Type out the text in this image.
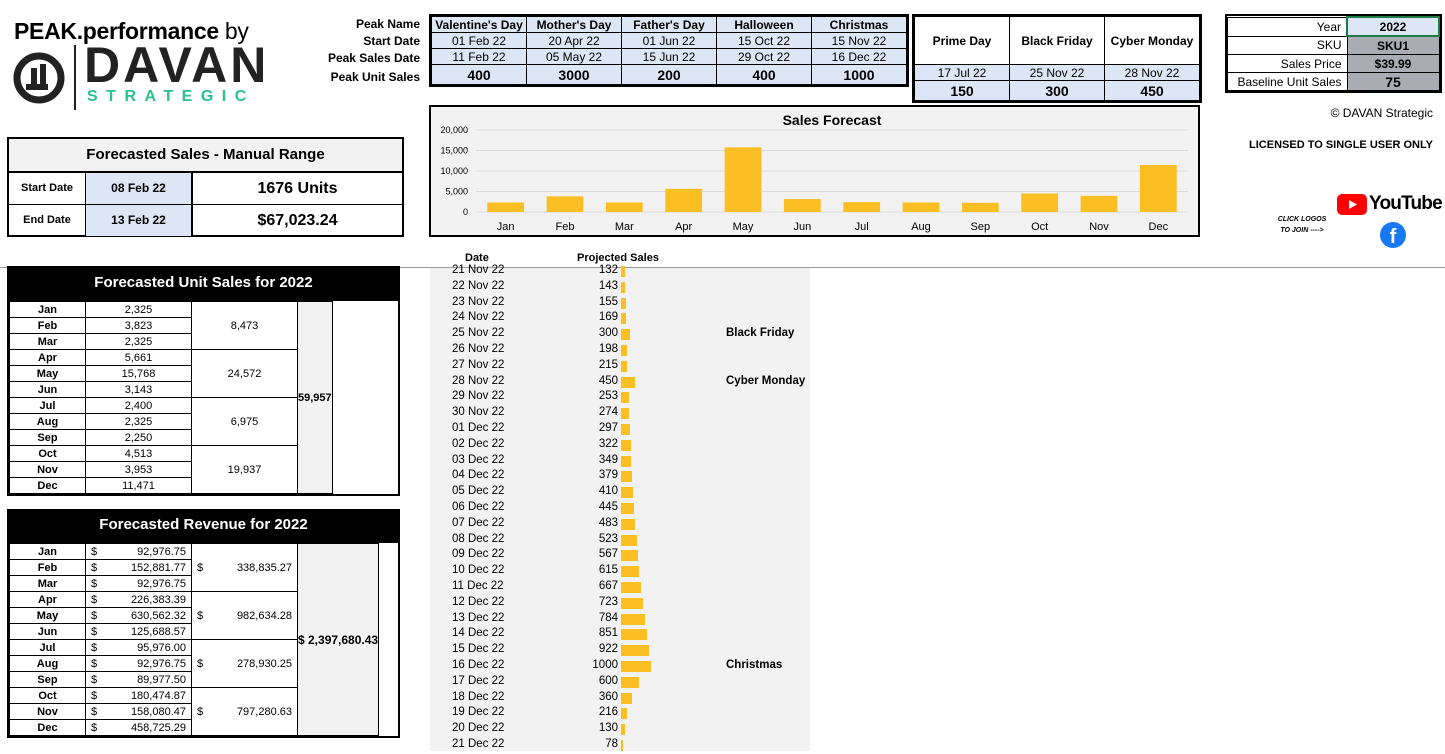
PEAK.performance by
DAVAN
STRATEGIC
Peak Name
Start Date
Peak Sales Date
Peak Unit Sales
Valentine's Day	Mother's Day	Father's Day	Halloween	Christmas
01 Feb 22	20 Apr 22	01 Jun 22	15 Oct 22	15 Nov 22
11 Feb 22	05 May 22	15 Jun 22	29 Oct 22	16 Dec 22
400	3000	200	400	1000
Prime Day	Black Friday	Cyber Monday
17 Jul 22	25 Nov 22	28 Nov 22
150	300	450
Year	2022
SKU	SKU1
Sales Price	$39.99
Baseline Unit Sales	75
Forecasted Sales - Manual Range
Start Date	08 Feb 22	1676 Units
End Date	13 Feb 22	$67,023.24
Sales Forecast
0
5,000
10,000
15,000
20,000
Jan	Feb	Mar	Apr	May	Jun	Jul	Aug	Sep	Oct	Nov	Dec
© DAVAN Strategic
LICENSED TO SINGLE USER ONLY
CLICK LOGOS
TO JOIN ---->
YouTube
f
Forecasted Unit Sales for 2022
Jan	2,325	8,473	59,957
Feb	3,823		
Mar	2,325		
Apr	5,661	24,572	
May	15,768		
Jun	3,143		
Jul	2,400	6,975	
Aug	2,325		
Sep	2,250		
Oct	4,513	19,937	
Nov	3,953		
Dec	11,471		
Forecasted Revenue for 2022
Jan	$ 92,976.75	$ 338,835.27	$ 2,397,680.43
Feb	$ 152,881.77		

Mar	$ 92,976.75		

Apr	$ 226,383.39	$ 982,634.28	

May	$ 630,562.32		

Jun	$ 125,688.57		

Jul	$ 95,976.00	$ 278,930.25	

Aug	$ 92,976.75		

Sep	$ 89,977.50		

Oct	$ 180,474.87	$ 797,280.63	

Nov	$ 158,080.47		

Dec	$ 458,725.29		
Date	Projected Sales
21 Nov 22	132
22 Nov 22	143
23 Nov 22	155
24 Nov 22	169
25 Nov 22	300	Black Friday
26 Nov 22	198
27 Nov 22	215
28 Nov 22	450	Cyber Monday
29 Nov 22	253
30 Nov 22	274
01 Dec 22	297
02 Dec 22	322
03 Dec 22	349
04 Dec 22	379
05 Dec 22	410
06 Dec 22	445
07 Dec 22	483
08 Dec 22	523
09 Dec 22	567
10 Dec 22	615
11 Dec 22	667
12 Dec 22	723
13 Dec 22	784
14 Dec 22	851
15 Dec 22	922
16 Dec 22	1000	Christmas
17 Dec 22	600
18 Dec 22	360
19 Dec 22	216
20 Dec 22	130
21 Dec 22	78
